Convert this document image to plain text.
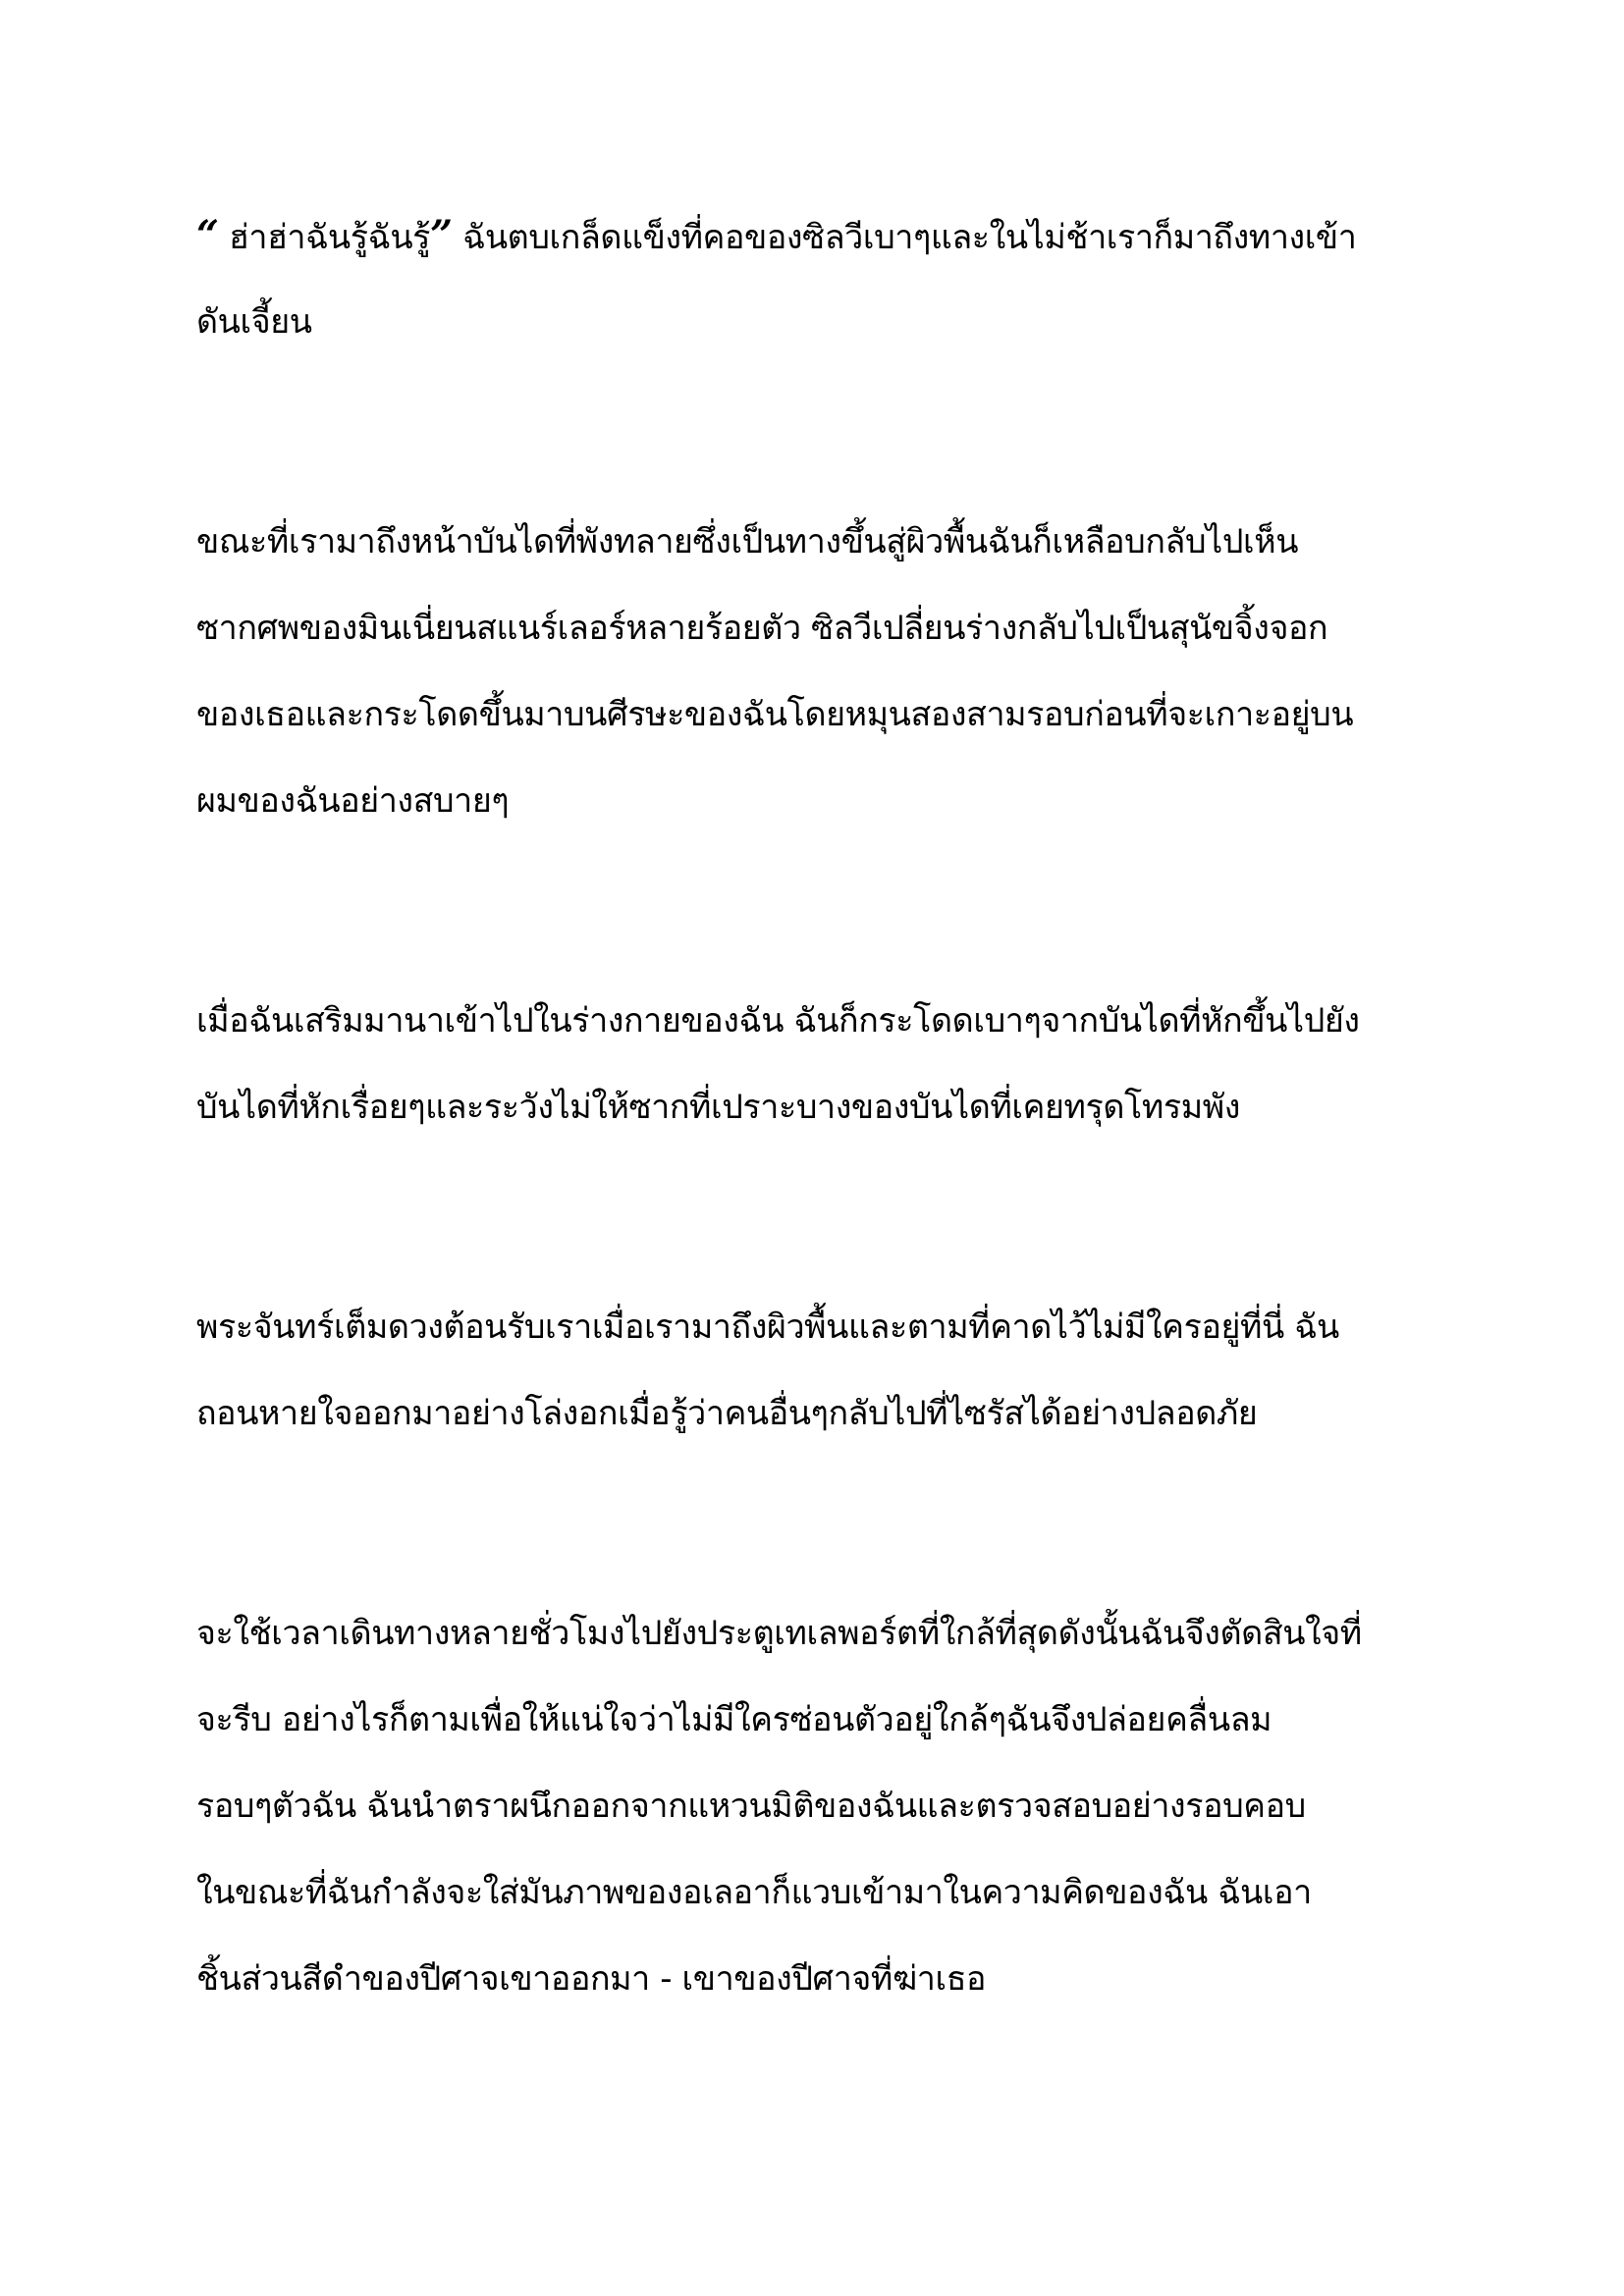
“ ฮ่าฮ่าฉันรู้ฉันรู้” ฉันตบเกล็ดแข็งที่คอของซิลวีเบาๆและในไม่ช้าเราก็มาถึงทางเข้า

ดันเจี้ยน

ขณะที่เรามาถึงหน้าบันไดที่พังทลายซึ่งเป็นทางขึ้นสู่ผิวพื้นฉันก็เหลือบกลับไปเห็น

ซากศพของมินเนี่ยนสแนร์เลอร์หลายร้อยตัว ซิลวีเปลี่ยนร่างกลับไปเป็นสุนัขจิ้งจอก

ของเธอและกระโดดขึ้นมาบนศีรษะของฉันโดยหมุนสองสามรอบก่อนที่จะเกาะอยู่บน

ผมของฉันอย่างสบายๆ

เมื่อฉันเสริมมานาเข้าไปในร่างกายของฉัน ฉันก็กระโดดเบาๆจากบันไดที่หักขึ้นไปยัง

บันไดที่หักเรื่อยๆและระวังไม่ให้ซากที่เปราะบางของบันไดที่เคยทรุดโทรมพัง

พระจันทร์เต็มดวงต้อนรับเราเมื่อเรามาถึงผิวพื้นและตามที่คาดไว้ไม่มีใครอยู่ที่นี่ ฉัน

ถอนหายใจออกมาอย่างโล่งอกเมื่อรู้ว่าคนอื่นๆกลับไปที่ไซรัสได้อย่างปลอดภัย

จะใช้เวลาเดินทางหลายชั่วโมงไปยังประตูเทเลพอร์ตที่ใกล้ที่สุดดังนั้นฉันจึงตัดสินใจที่

จะรีบ อย่างไรก็ตามเพื่อให้แน่ใจว่าไม่มีใครซ่อนตัวอยู่ใกล้ๆฉันจึงปล่อยคลื่นลม

รอบๆตัวฉัน ฉันนำตราผนึกออกจากแหวนมิติของฉันและตรวจสอบอย่างรอบคอบ

ในขณะที่ฉันกำลังจะใส่มันภาพของอเลอาก็แวบเข้ามาในความคิดของฉัน ฉันเอา

ชิ้นส่วนสีดำของปีศาจเขาออกมา - เขาของปีศาจที่ฆ่าเธอ
